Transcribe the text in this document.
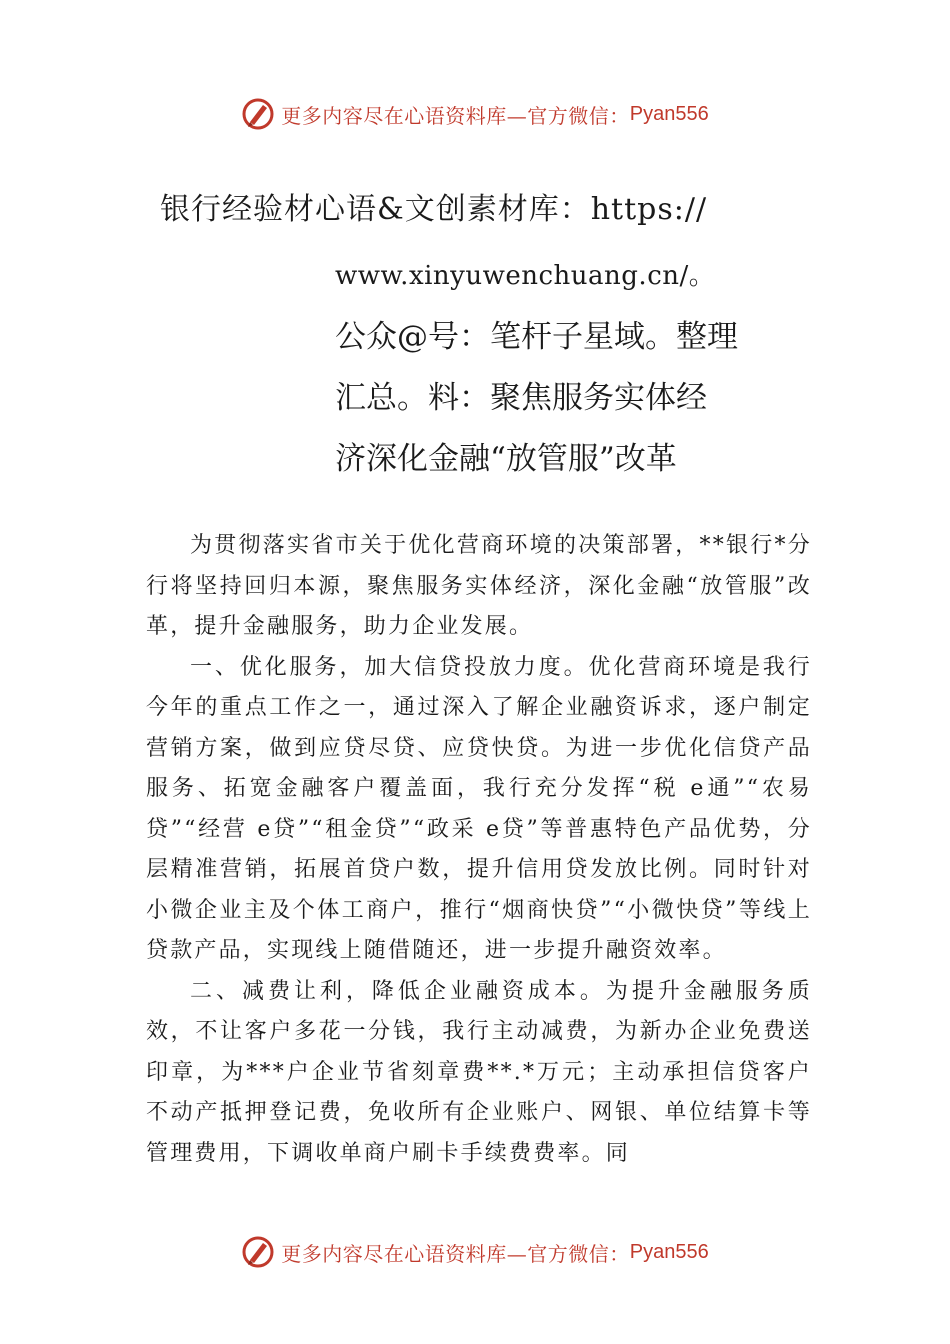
更多内容尽在心语资料库—官方微信： Pyan556
银行经验材心语&文创素材库：https://
www.xinyuwenchuang.cn/。
公众@号：笔杆子星域。整理
汇总。料：聚焦服务实体经
济深化金融“放管服”改革

为贯彻落实省市关于优化营商环境的决策部署，**银行*分行将坚持回归本源，聚焦服务实体经济，深化金融“放管服”改革，提升金融服务，助力企业发展。

一、优化服务，加大信贷投放力度。优化营商环境是我行今年的重点工作之一，通过深入了解企业融资诉求，逐户制定营销方案，做到应贷尽贷、应贷快贷。为进一步优化信贷产品服务、拓宽金融客户覆盖面，我行充分发挥“税 e通”“农易贷”“经营 e贷”“租金贷”“政采 e贷”等普惠特色产品优势，分层精准营销，拓展首贷户数，提升信用贷发放比例。同时针对小微企业主及个体工商户，推行“烟商快贷”“小微快贷”等线上贷款产品，实现线上随借随还，进一步提升融资效率。

二、减费让利，降低企业融资成本。为提升金融服务质效，不让客户多花一分钱，我行主动减费，为新办企业免费送印章，为***户企业节省刻章费**.*万元；主动承担信贷客户不动产抵押登记费，免收所有企业账户、网银、单位结算卡等管理费用，下调收单商户刷卡手续费费率。同

更多内容尽在心语资料库—官方微信： Pyan556
